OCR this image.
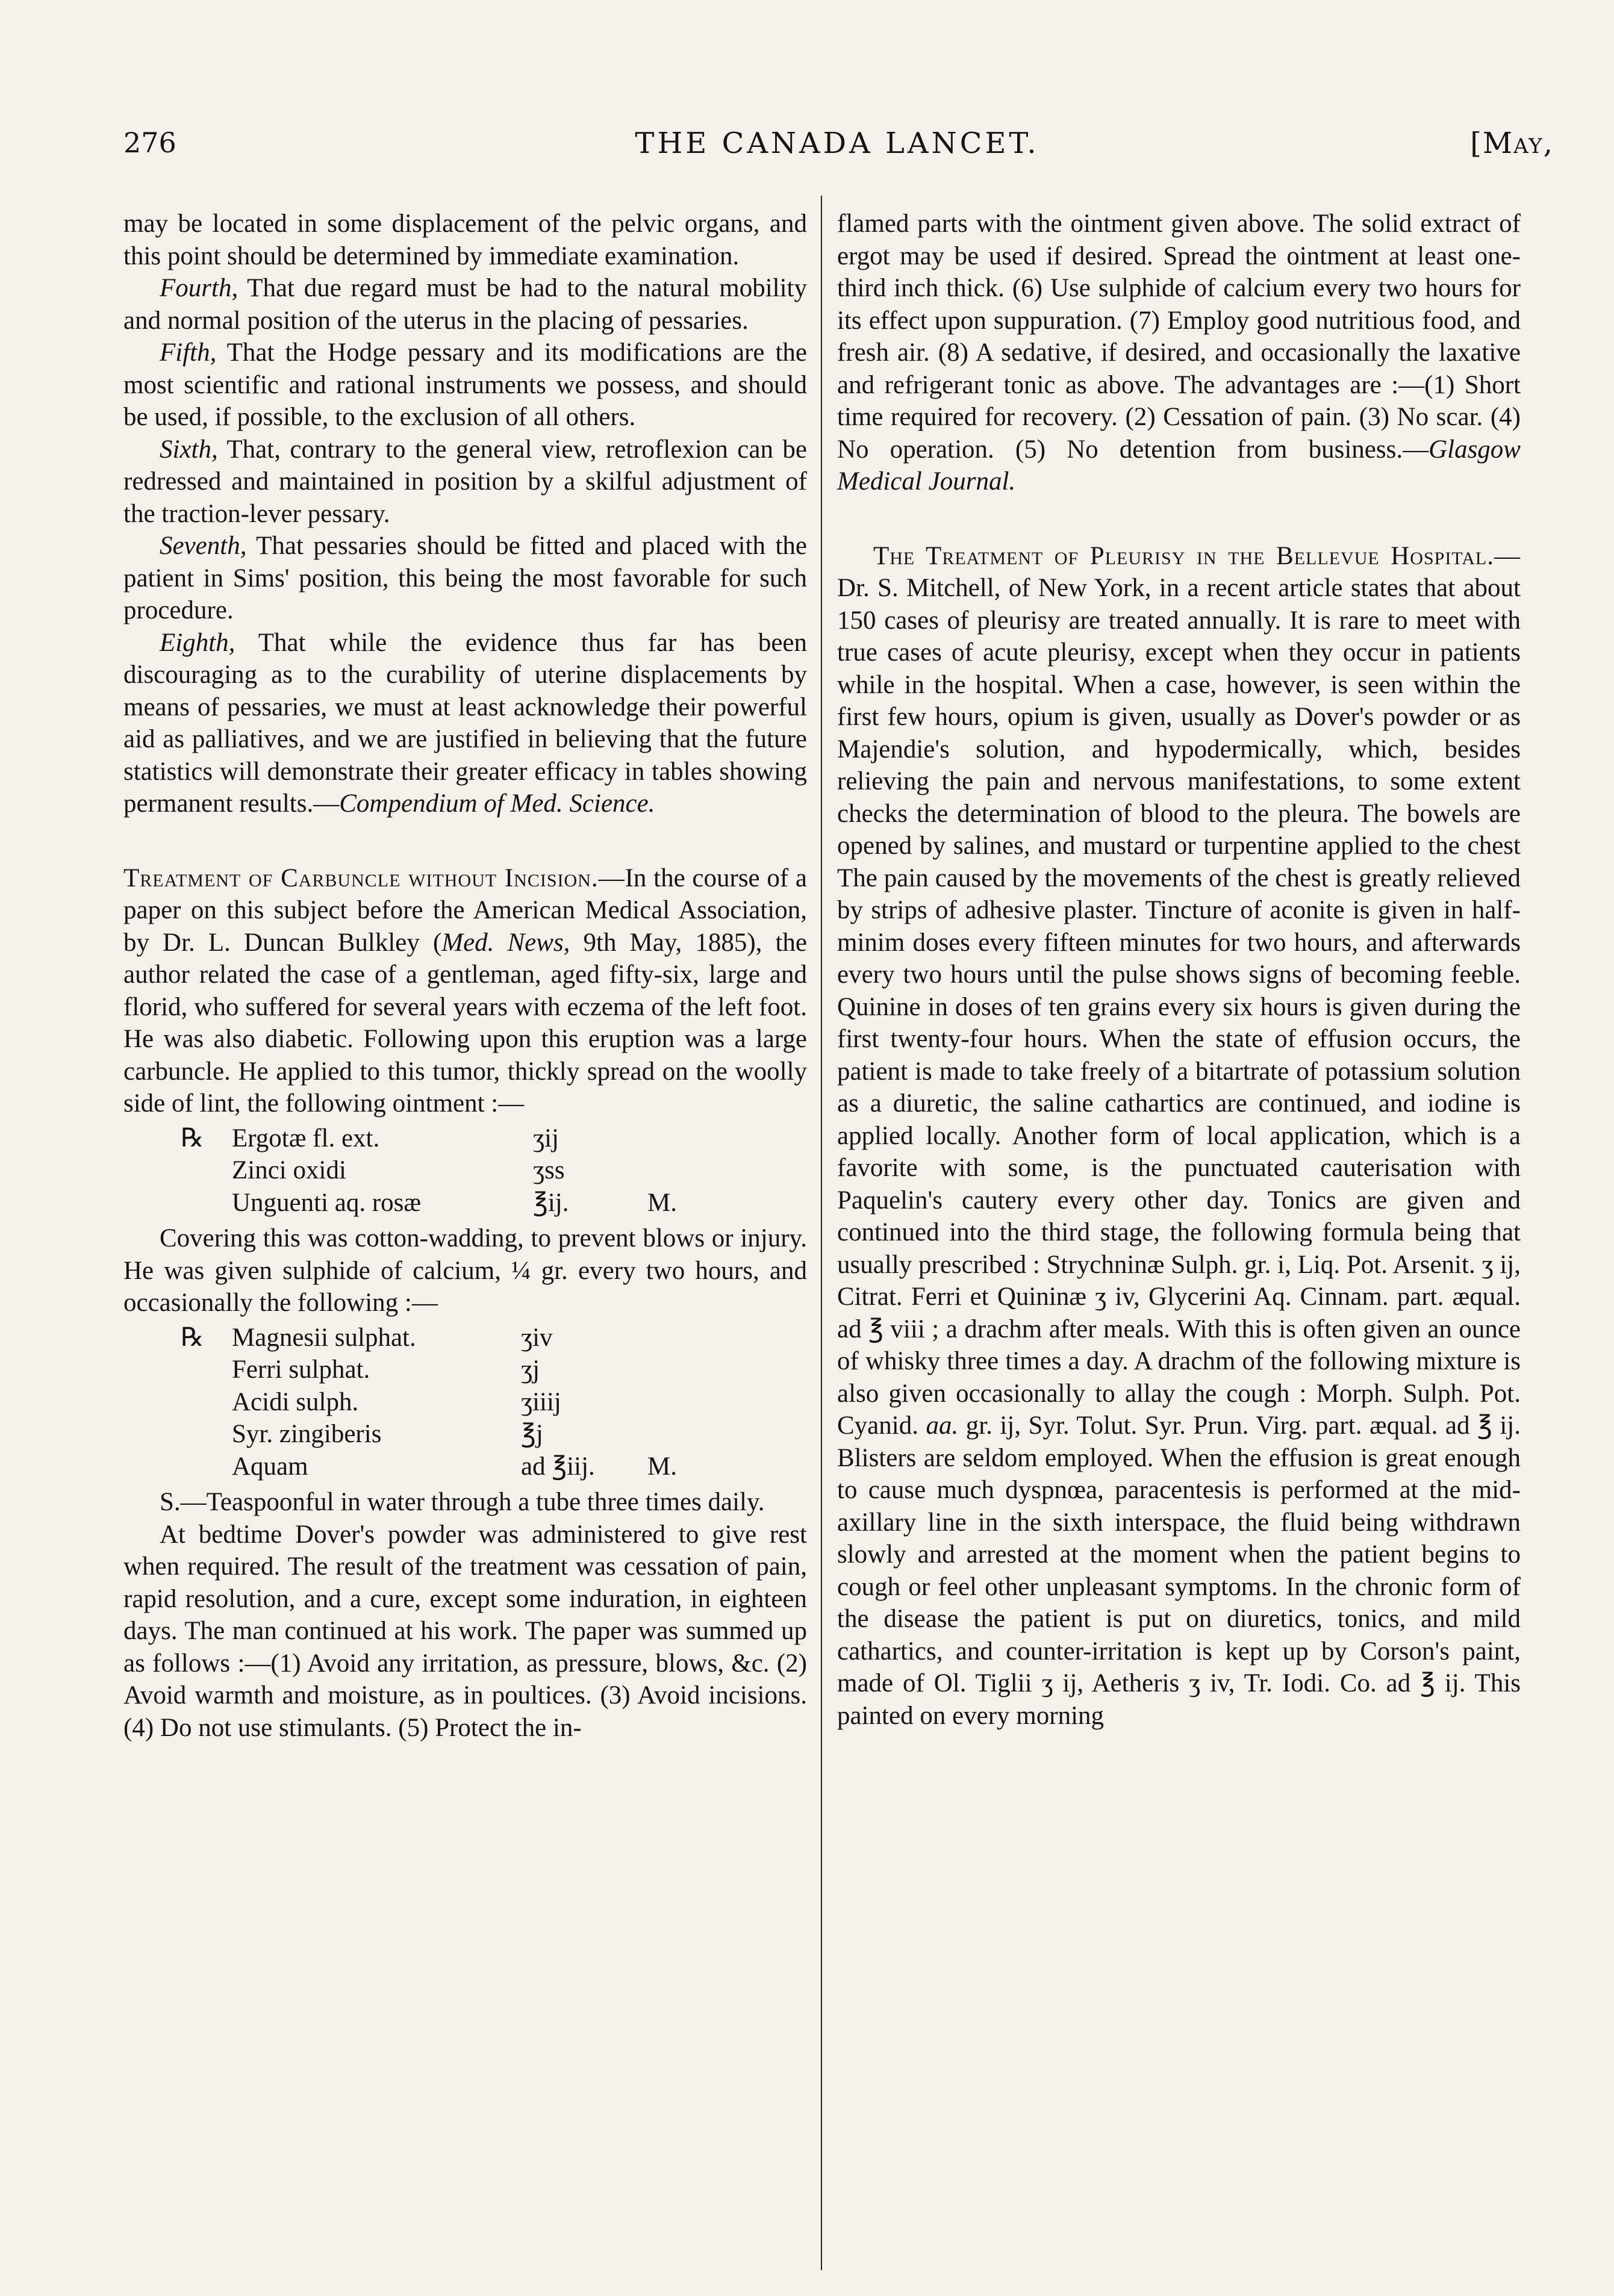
276	THE CANADA LANCET.	[May,

may be located in some displacement of the pelvic organs, and this point should be determined by immediate examination.

Fourth, That due regard must be had to the natural mobility and normal position of the uterus in the placing of pessaries.

Fifth, That the Hodge pessary and its modifications are the most scientific and rational instruments we possess, and should be used, if possible, to the exclusion of all others.

Sixth, That, contrary to the general view, retroflexion can be redressed and maintained in position by a skilful adjustment of the traction-lever pessary.

Seventh, That pessaries should be fitted and placed with the patient in Sims' position, this being the most favorable for such procedure.

Eighth, That while the evidence thus far has been discouraging as to the curability of uterine displacements by means of pessaries, we must at least acknowledge their powerful aid as palliatives, and we are justified in believing that the future statistics will demonstrate their greater efficacy in tables showing permanent results.—Compendium of Med. Science.

Treatment of Carbuncle without Incision.—In the course of a paper on this subject before the American Medical Association, by Dr. L. Duncan Bulkley (Med. News, 9th May, 1885), the author related the case of a gentleman, aged fifty-six, large and florid, who suffered for several years with eczema of the left foot. He was also diabetic. Following upon this eruption was a large carbuncle. He applied to this tumor, thickly spread on the woolly side of lint, the following ointment :—

℞	Ergotæ fl. ext.	ʒij
Zinci oxidi	ʒss
Unguenti aq. rosæ	℥ij.	M.

Covering this was cotton-wadding, to prevent blows or injury. He was given sulphide of calcium, ¼ gr. every two hours, and occasionally the following :—

℞	Magnesii sulphat.	ʒiv
Ferri sulphat.	ʒj
Acidi sulph.	ʒiiij
Syr. zingiberis	℥j
Aquam	ad ℥iij.	M.

S.—Teaspoonful in water through a tube three times daily.

At bedtime Dover's powder was administered to give rest when required. The result of the treatment was cessation of pain, rapid resolution, and a cure, except some induration, in eighteen days. The man continued at his work. The paper was summed up as follows :—(1) Avoid any irritation, as pressure, blows, &c. (2) Avoid warmth and moisture, as in poultices. (3) Avoid incisions. (4) Do not use stimulants. (5) Protect the in-

flamed parts with the ointment given above. The solid extract of ergot may be used if desired. Spread the ointment at least one-third inch thick. (6) Use sulphide of calcium every two hours for its effect upon suppuration. (7) Employ good nutritious food, and fresh air. (8) A sedative, if desired, and occasionally the laxative and refrigerant tonic as above. The advantages are :—(1) Short time required for recovery. (2) Cessation of pain. (3) No scar. (4) No operation. (5) No detention from business.—Glasgow Medical Journal.

The Treatment of Pleurisy in the Bellevue Hospital.—Dr. S. Mitchell, of New York, in a recent article states that about 150 cases of pleurisy are treated annually. It is rare to meet with true cases of acute pleurisy, except when they occur in patients while in the hospital. When a case, however, is seen within the first few hours, opium is given, usually as Dover's powder or as Majendie's solution, and hypodermically, which, besides relieving the pain and nervous manifestations, to some extent checks the determination of blood to the pleura. The bowels are opened by salines, and mustard or turpentine applied to the chest The pain caused by the movements of the chest is greatly relieved by strips of adhesive plaster. Tincture of aconite is given in half-minim doses every fifteen minutes for two hours, and afterwards every two hours until the pulse shows signs of becoming feeble. Quinine in doses of ten grains every six hours is given during the first twenty-four hours. When the state of effusion occurs, the patient is made to take freely of a bitartrate of potassium solution as a diuretic, the saline cathartics are continued, and iodine is applied locally. Another form of local application, which is a favorite with some, is the punctuated cauterisation with Paquelin's cautery every other day. Tonics are given and continued into the third stage, the following formula being that usually prescribed : Strychninæ Sulph. gr. i, Liq. Pot. Arsenit. ʒ ij, Citrat. Ferri et Quininæ ʒ iv, Glycerini Aq. Cinnam. part. æqual. ad ℥ viii ; a drachm after meals. With this is often given an ounce of whisky three times a day. A drachm of the following mixture is also given occasionally to allay the cough : Morph. Sulph. Pot. Cyanid. aa. gr. ij, Syr. Tolut. Syr. Prun. Virg. part. æqual. ad ℥ ij. Blisters are seldom employed. When the effusion is great enough to cause much dyspnœa, paracentesis is performed at the mid-axillary line in the sixth interspace, the fluid being withdrawn slowly and arrested at the moment when the patient begins to cough or feel other unpleasant symptoms. In the chronic form of the disease the patient is put on diuretics, tonics, and mild cathartics, and counter-irritation is kept up by Corson's paint, made of Ol. Tiglii ʒ ij, Aetheris ʒ iv, Tr. Iodi. Co. ad ℥ ij. This painted on every morning
